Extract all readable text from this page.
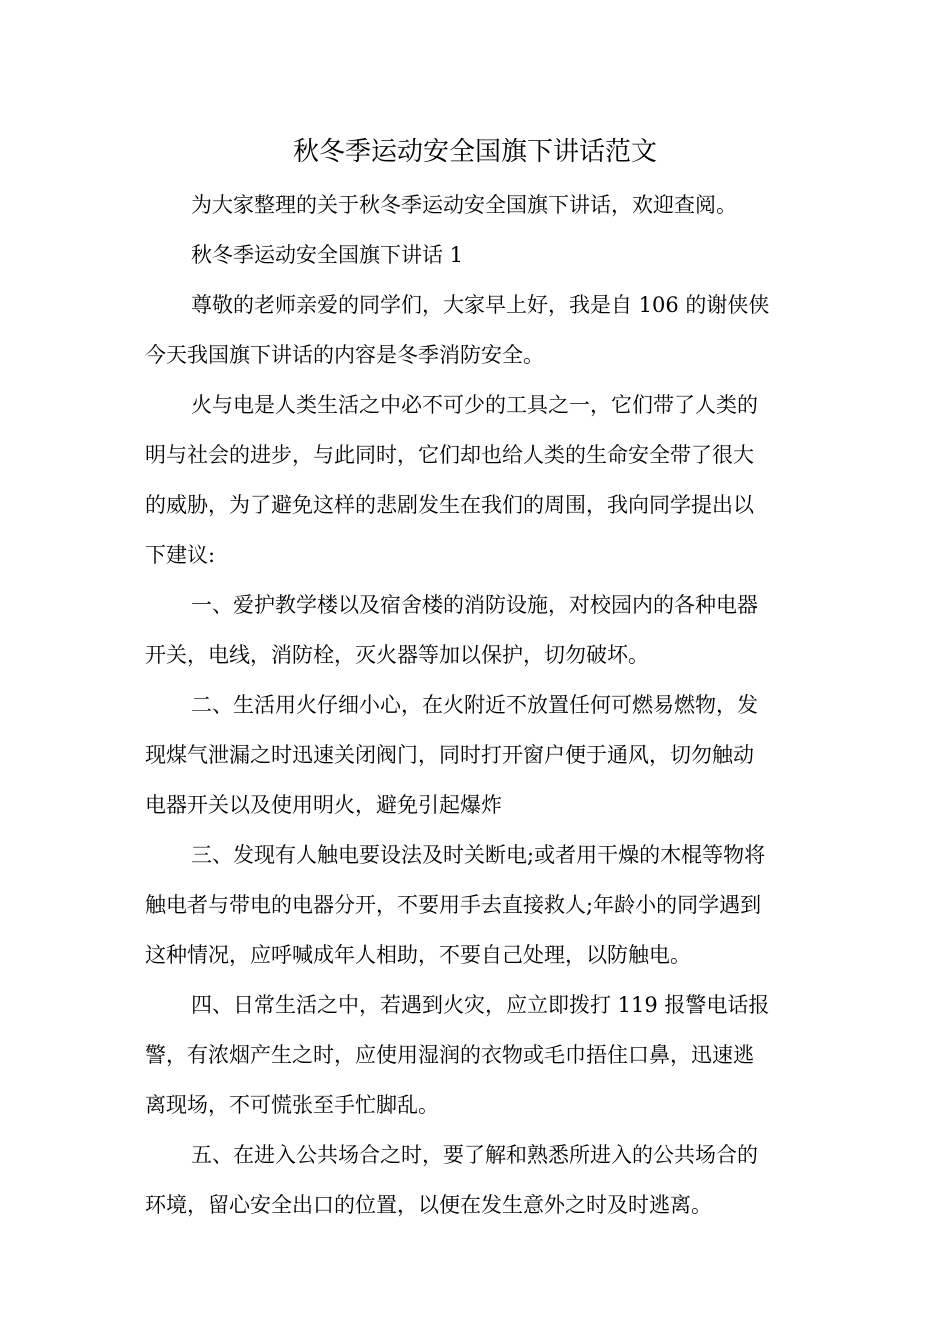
秋冬季运动安全国旗下讲话范文
为大家整理的关于秋冬季运动安全国旗下讲话，欢迎查阅。
秋冬季运动安全国旗下讲话 1
尊敬的老师亲爱的同学们，大家早上好，我是自 106 的谢侠侠
今天我国旗下讲话的内容是冬季消防安全。
火与电是人类生活之中必不可少的工具之一，它们带了人类的
明与社会的进步，与此同时，它们却也给人类的生命安全带了很大
的威胁，为了避免这样的悲剧发生在我们的周围，我向同学提出以
下建议:
一、爱护教学楼以及宿舍楼的消防设施，对校园内的各种电器
开关，电线，消防栓，灭火器等加以保护，切勿破坏。
二、生活用火仔细小心，在火附近不放置任何可燃易燃物，发
现煤气泄漏之时迅速关闭阀门，同时打开窗户便于通风，切勿触动
电器开关以及使用明火，避免引起爆炸
三、发现有人触电要设法及时关断电;或者用干燥的木棍等物将
触电者与带电的电器分开，不要用手去直接救人;年龄小的同学遇到
这种情况，应呼喊成年人相助，不要自己处理，以防触电。
四、日常生活之中，若遇到火灾，应立即拨打 119 报警电话报
警，有浓烟产生之时，应使用湿润的衣物或毛巾捂住口鼻，迅速逃
离现场，不可慌张至手忙脚乱。
五、在进入公共场合之时，要了解和熟悉所进入的公共场合的
环境，留心安全出口的位置，以便在发生意外之时及时逃离。
